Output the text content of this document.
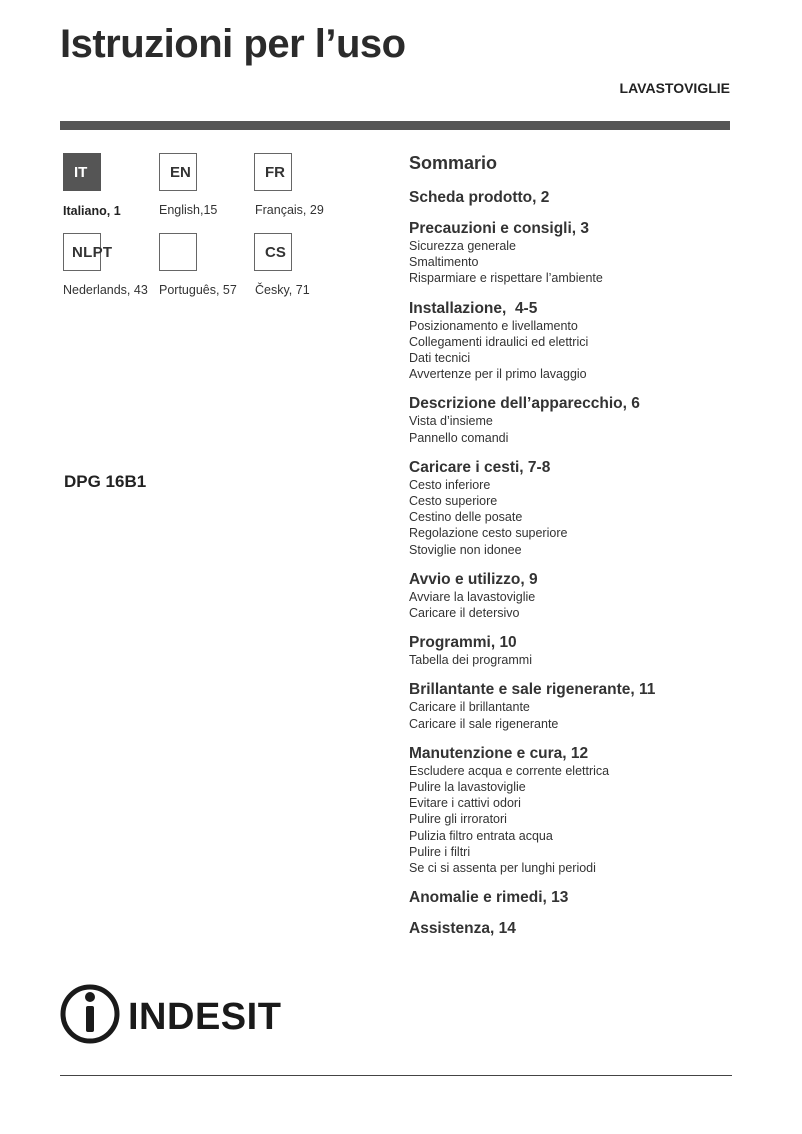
Istruzioni per l’uso
LAVASTOVIGLIE
IT	EN	FR
Italiano, 1	English,15	Français, 29
NLPT	CS
Nederlands, 43 Português, 57 Česky, 71
DPG 16B1
Sommario
Scheda prodotto, 2
Precauzioni e consigli, 3
Sicurezza generale
Smaltimento
Risparmiare e rispettare l’ambiente
Installazione,  4-5
Posizionamento e livellamento
Collegamenti idraulici ed elettrici
Dati tecnici
Avvertenze per il primo lavaggio
Descrizione dell’apparecchio, 6
Vista d’insieme
Pannello comandi
Caricare i cesti, 7-8
Cesto inferiore
Cesto superiore
Cestino delle posate
Regolazione cesto superiore
Stoviglie non idonee
Avvio e utilizzo, 9
Avviare la lavastoviglie
Caricare il detersivo
Programmi, 10
Tabella dei programmi
Brillantante e sale rigenerante, 11
Caricare il brillantante
Caricare il sale rigenerante
Manutenzione e cura, 12
Escludere acqua e corrente elettrica
Pulire la lavastoviglie
Evitare i cattivi odori
Pulire gli irroratori
Pulizia filtro entrata acqua
Pulire i filtri
Se ci si assenta per lunghi periodi
Anomalie e rimedi, 13
Assistenza, 14
INDESIT
